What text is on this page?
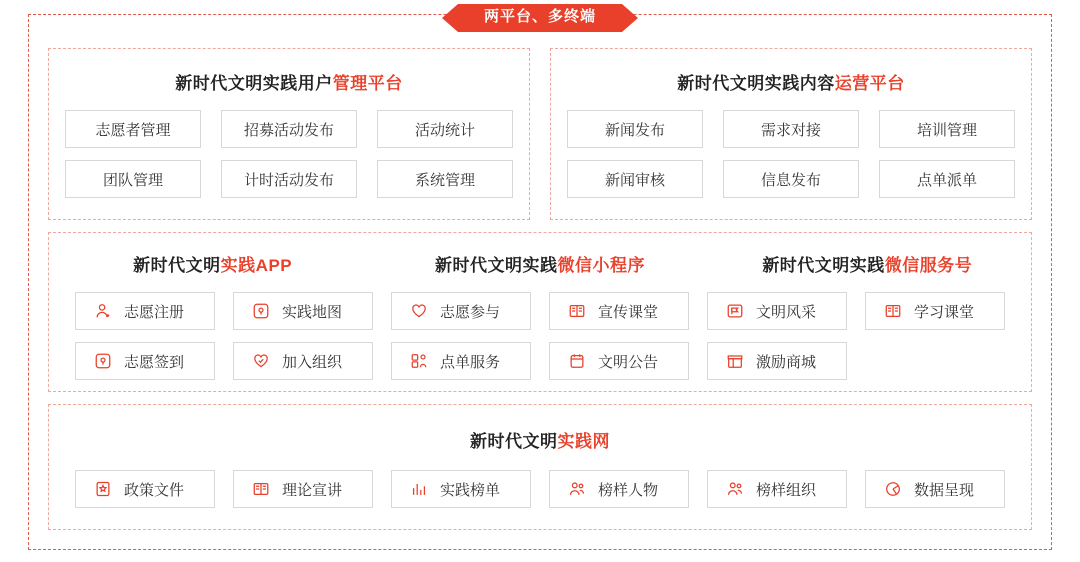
两平台、多终端
新时代文明实践用户管理平台
志愿者管理	招募活动发布	活动统计
团队管理	计时活动发布	系统管理
新时代文明实践内容运营平台
新闻发布	需求对接	培训管理
新闻审核	信息发布	点单派单
新时代文明实践APP	新时代文明实践微信小程序	新时代文明实践微信服务号
志愿注册	实践地图	志愿参与	宣传课堂	文明风采	学习课堂
志愿签到	加入组织	点单服务	文明公告	激励商城
新时代文明实践网
政策文件	理论宣讲	实践榜单	榜样人物	榜样组织	数据呈现
